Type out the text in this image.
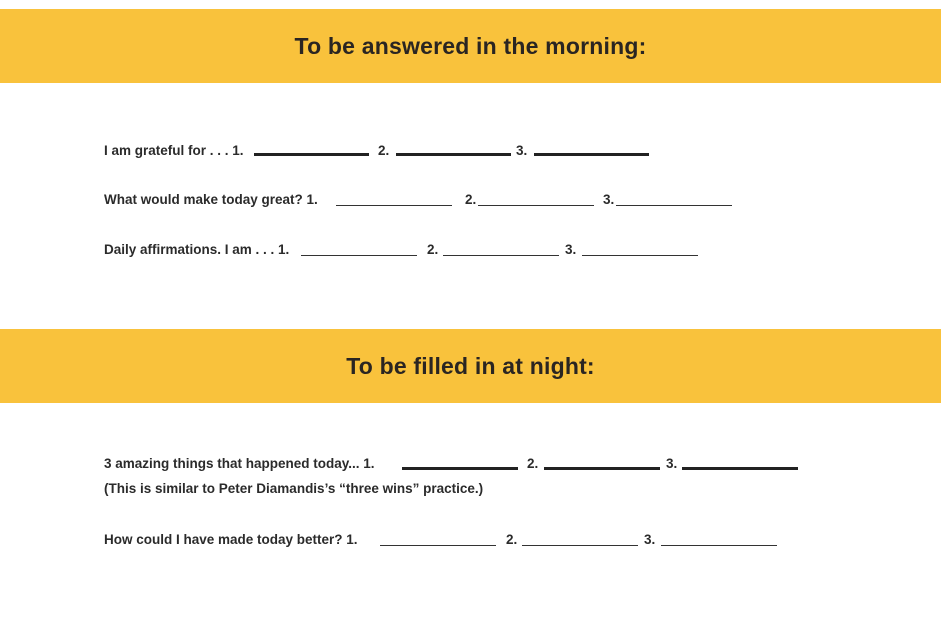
To be answered in the morning:
I am grateful for . . . 1.	2.	3.
What would make today great? 1.	2.	3.
Daily affirmations. I am . . . 1.	2.	3.
To be filled in at night:
3 amazing things that happened today... 1.	2.	3.
(This is similar to Peter Diamandis’s “three wins” practice.)
How could I have made today better? 1.	2.	3.
